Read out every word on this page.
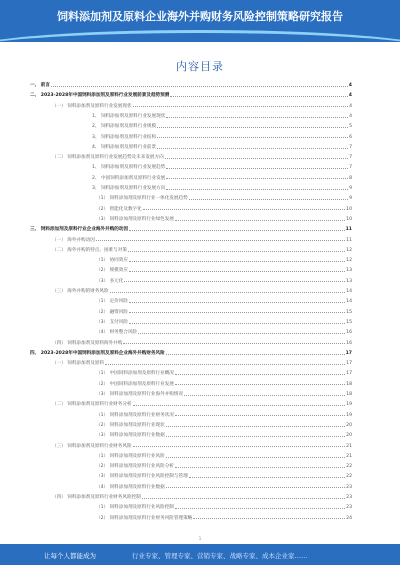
饲料添加剂及原料企业海外并购财务风险控制策略研究报告
内容目录
一、 前言	4
二、 2023-2028年中国饲料添加剂及原料行业发展前景及趋势预测	4
（一） 饲料添加剂及原料行业发展现状	4
1、 饲料添加剂及原料行业发展现状	4
2、 饲料添加剂及原料行业规模	5
3、 饲料添加剂及原料行业结构	6
4、 饲料添加剂及原料行业前景	7
（二） 饲料添加剂及原料行业发展趋势及未来发展方向	7
1、 饲料添加剂及原料行业发展趋势	7
2、 中国饲料添加剂及原料行业发展	8
3、 饲料添加剂及原料行业发展方向	9
（1） 饲料添加剂及原料行业一体化发展趋势	9
（2） 智能化及数字化	10
（3） 饲料添加剂及原料行业绿色发展	10
三、 饲料添加剂及原料行业企业海外并购的动因	11
（一） 海外并购动因	11
（二） 海外并购的特点、困难与对策	12
（1） 协同效应	12
（2） 规模效应	13
（3） 多元化	13
（三） 海外并购的财务风险	14
（1） 定价风险	14
（2） 融资风险	15
（3） 支付风险	15
（4） 财务整合风险	16
（四） 饲料添加剂及原料海外并购	16
四、 2023-2028年中国饲料添加剂及原料企业海外并购财务风险	17
（一） 饲料添加剂及原料	17
（1） 中国饲料添加剂及原料行业概况	17
（2） 中国饲料添加剂及原料行业发展	18
（3） 饲料添加剂及原料行业海外并购情况	18
（二） 饲料添加剂及原料行业财务分析	19
（1） 饲料添加剂及原料行业财务状况	19
（2） 饲料添加剂及原料行业现状	20
（3） 饲料添加剂及原料行业数据	20
（三） 饲料添加剂及原料行业财务风险	21
（1） 饲料添加剂及原料行业风险	21
（2） 饲料添加剂及原料行业风险分析	22
（3） 饲料添加剂及原料行业风险控制与管理	22
（4） 饲料添加剂及原料行业数据	23
（四） 饲料添加剂及原料行业财务风险控制	23
（1） 饲料添加剂及原料行业风险控制	23
（2） 饲料添加剂及原料行业财务风险管理策略	24
1
让每个人都能成为	行业专家、管理专家、营销专家、战略专家、成本企业家……
